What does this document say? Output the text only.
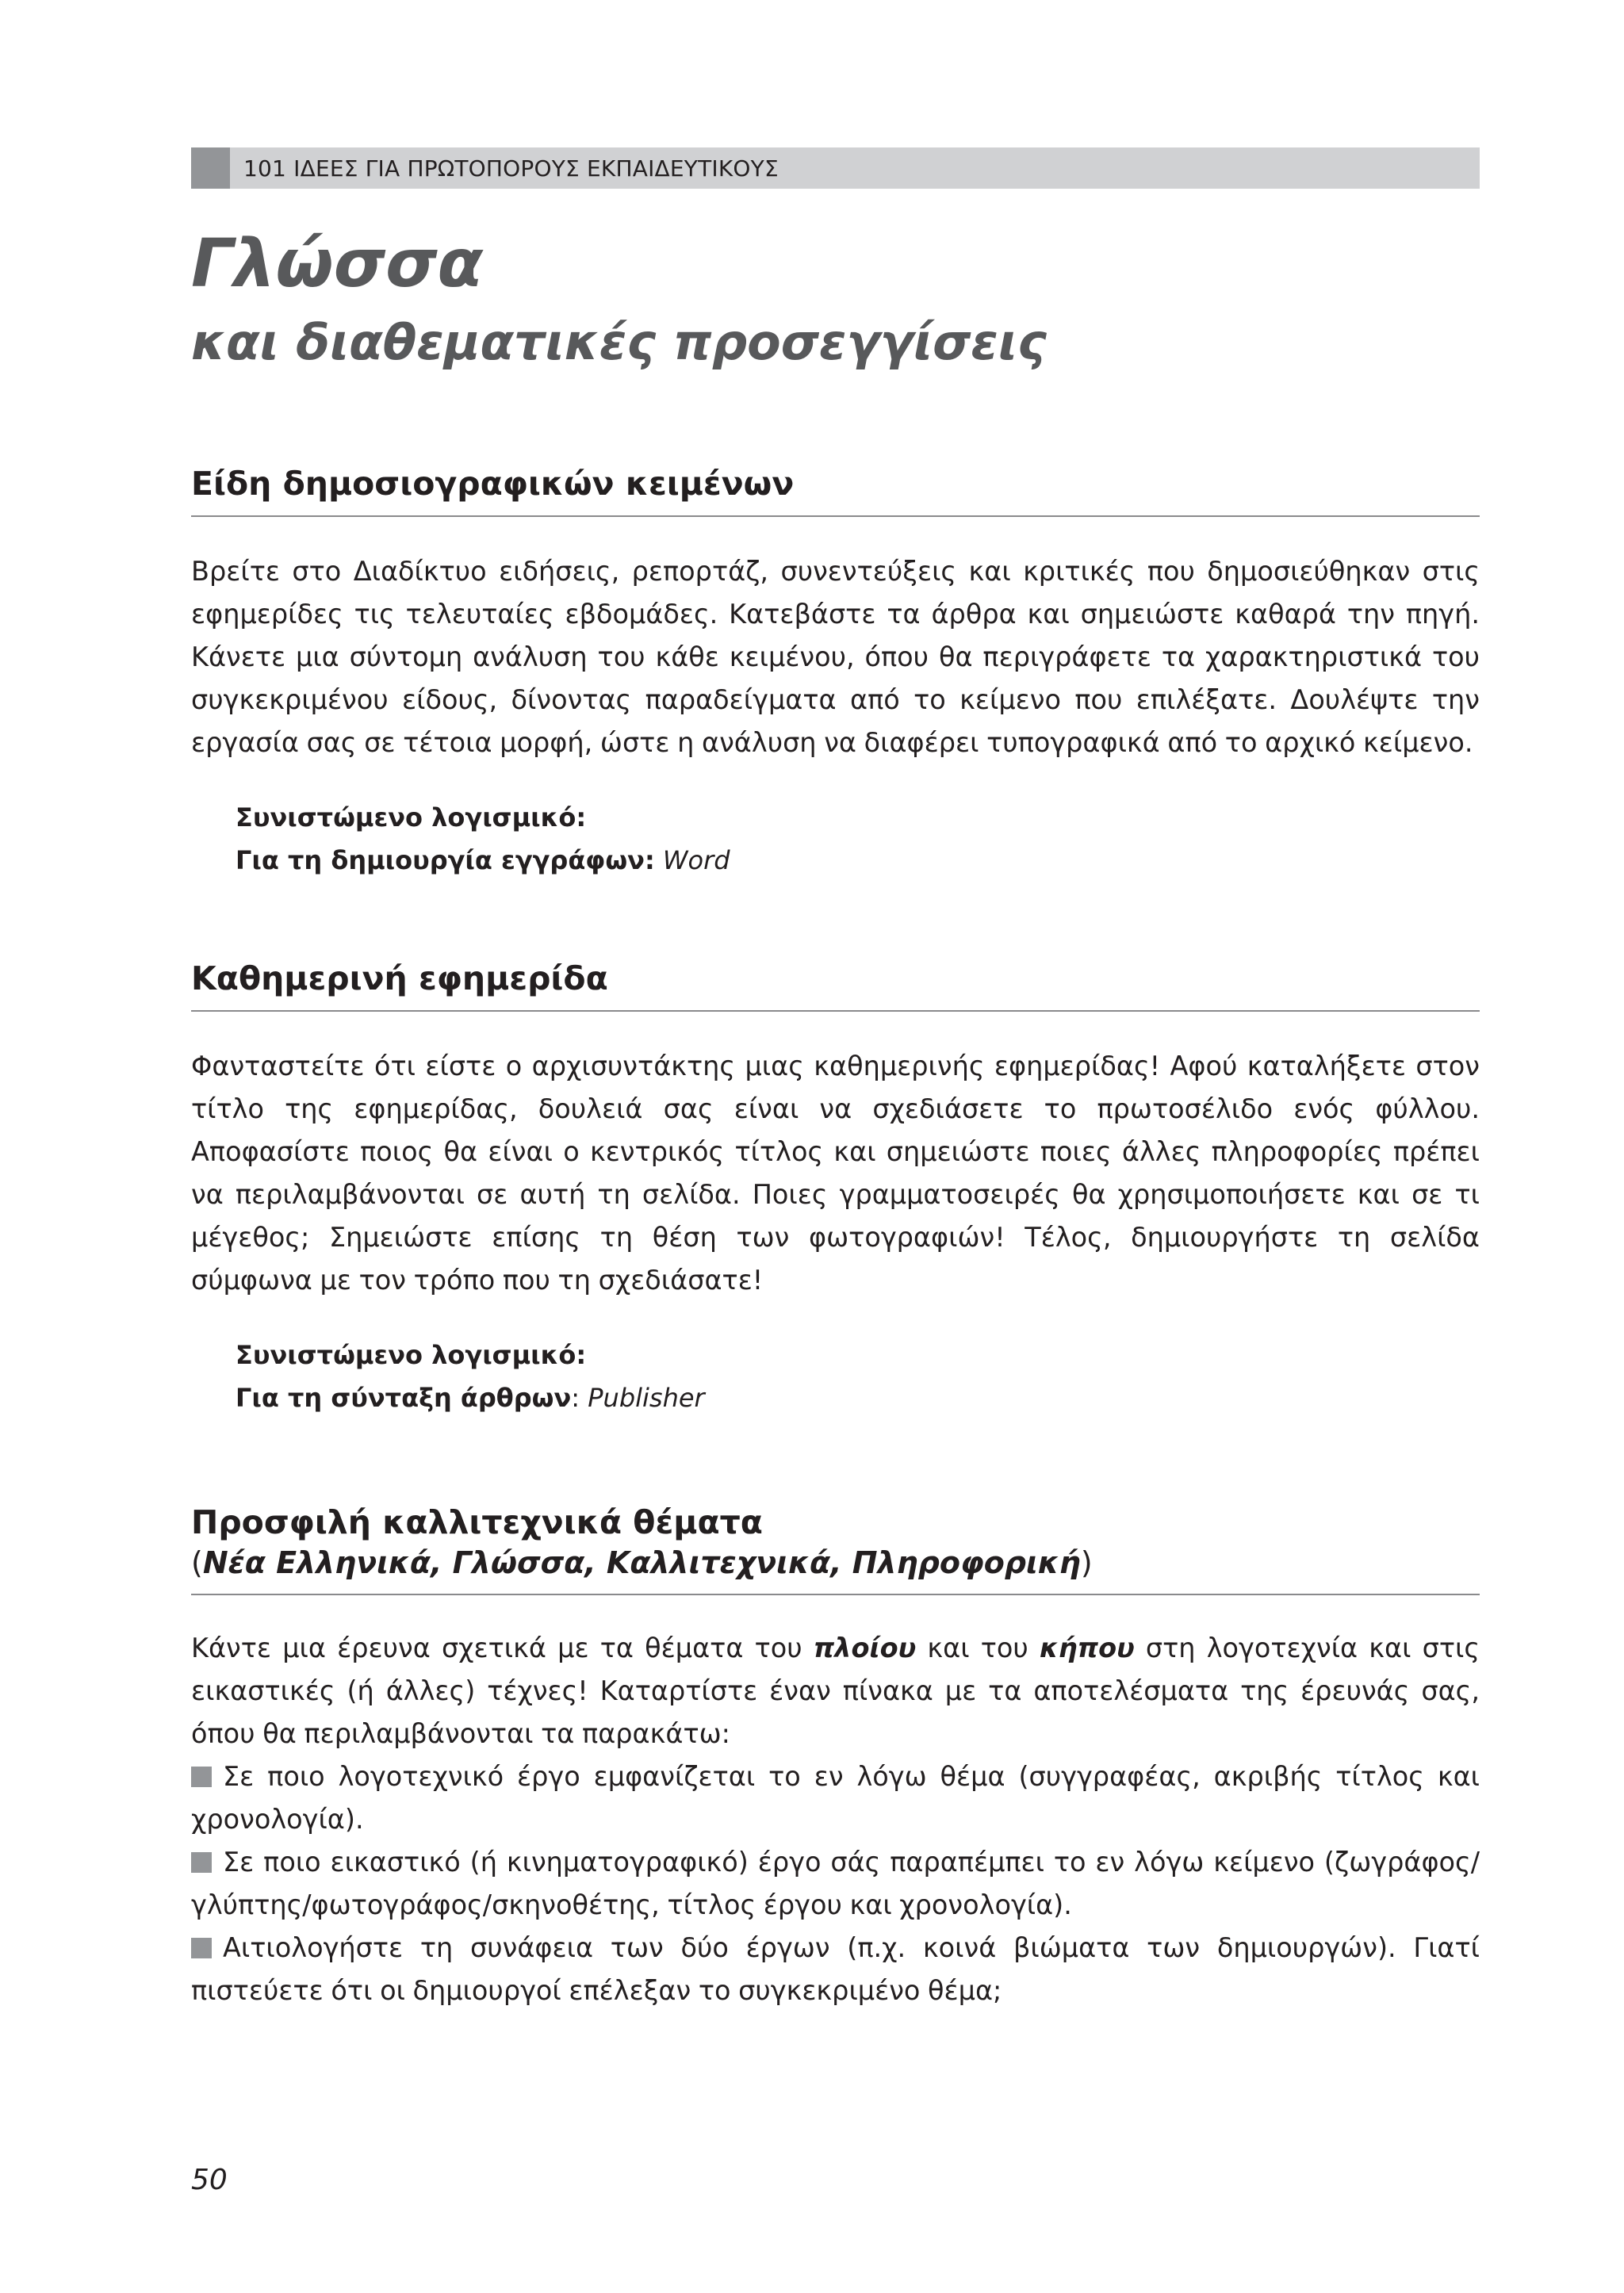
101 ΙΔΕΕΣ ΓΙΑ ΠΡΩΤΟΠΟΡΟΥΣ ΕΚΠΑΙΔΕΥΤΙΚΟΥΣ
Γλώσσα
και διαθεματικές προσεγγίσεις
Είδη δημοσιογραφικών κειμένων

Βρείτε στο Διαδίκτυο ειδήσεις, ρεπορτάζ, συνεντεύξεις και κριτικές που δημοσιεύθηκαν στις εφημερίδες τις τελευταίες εβδομάδες. Κατεβάστε τα άρθρα και σημειώστε καθαρά την πηγή. Κάνετε μια σύντομη ανάλυση του κάθε κειμένου, όπου θα περιγράφετε τα χαρακτηριστικά του συγκεκριμένου είδους, δίνοντας παραδείγματα από το κείμενο που επιλέξατε. Δουλέψτε την εργασία σας σε τέτοια μορφή, ώστε η ανάλυση να διαφέρει τυπογραφικά από το αρχικό κείμενο.

Συνιστώμενο λογισμικό:
Για τη δημιουργία εγγράφων: Word
Καθημερινή εφημερίδα

Φανταστείτε ότι είστε ο αρχισυντάκτης μιας καθημερινής εφημερίδας! Αφού καταλήξετε στον τίτλο της εφημερίδας, δουλειά σας είναι να σχεδιάσετε το πρωτοσέλιδο ενός φύλλου. Αποφασίστε ποιος θα είναι ο κεντρικός τίτλος και σημειώστε ποιες άλλες πληροφορίες πρέπει να περιλαμβάνονται σε αυτή τη σελίδα. Ποιες γραμματοσειρές θα χρησιμοποιήσετε και σε τι μέγεθος; Σημειώστε επίσης τη θέση των φωτογραφιών! Τέλος, δημιουργήστε τη σελίδα σύμφωνα με τον τρόπο που τη σχεδιάσατε!

Συνιστώμενο λογισμικό:
Για τη σύνταξη άρθρων: Publisher
Προσφιλή καλλιτεχνικά θέματα
(Νέα Ελληνικά, Γλώσσα, Καλλιτεχνικά, Πληροφορική)

Κάντε μια έρευνα σχετικά με τα θέματα του πλοίου και του κήπου στη λογοτεχνία και στις εικαστικές (ή άλλες) τέχνες! Καταρτίστε έναν πίνακα με τα αποτελέσματα της έρευνάς σας, όπου θα περιλαμβάνονται τα παρακάτω:

Σε ποιο λογοτεχνικό έργο εμφανίζεται το εν λόγω θέμα (συγγραφέας, ακριβής τίτλος και χρονολογία).

Σε ποιο εικαστικό (ή κινηματογραφικό) έργο σάς παραπέμπει το εν λόγω κείμενο (ζωγράφος/γλύπτης/φωτογράφος/σκηνοθέτης, τίτλος έργου και χρονολογία).

Αιτιολογήστε τη συνάφεια των δύο έργων (π.χ. κοινά βιώματα των δημιουργών). Γιατί πιστεύετε ότι οι δημιουργοί επέλεξαν το συγκεκριμένο θέμα;

50
